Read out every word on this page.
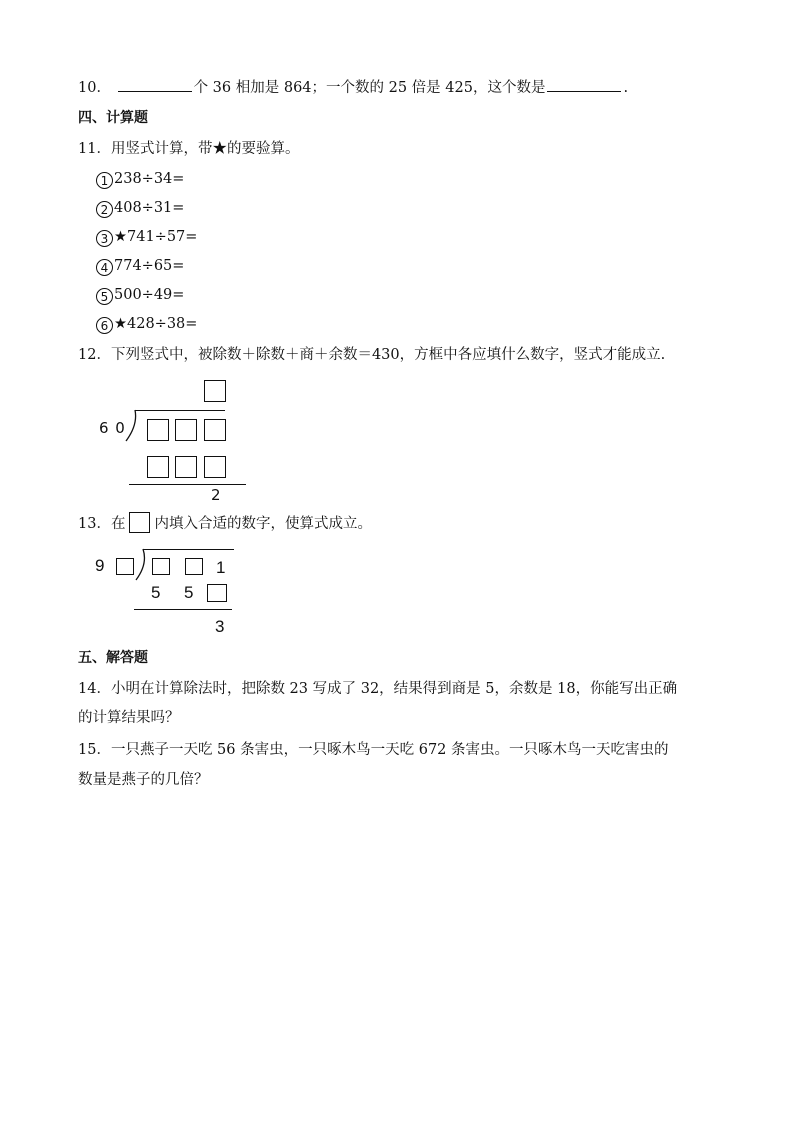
10．	个 36 相加是 864；一个数的 25 倍是 425，这个数是	.
四、计算题
11．用竖式计算，带★的要验算。
1 238÷34=
2 408÷31=
3 ★741÷57=
4 774÷65=
5 500÷49=
6 ★428÷38=
12．下列竖式中，被除数＋除数＋商＋余数＝430，方框中各应填什么数字，竖式才能成立.
6 0
2
13．在 内填入合适的数字，使算式成立。
9	1
5 5
3
五、解答题
14．小明在计算除法时，把除数 23 写成了 32，结果得到商是 5，余数是 18，你能写出正确
的计算结果吗？
15．一只燕子一天吃 56 条害虫，一只啄木鸟一天吃 672 条害虫。一只啄木鸟一天吃害虫的
数量是燕子的几倍？
